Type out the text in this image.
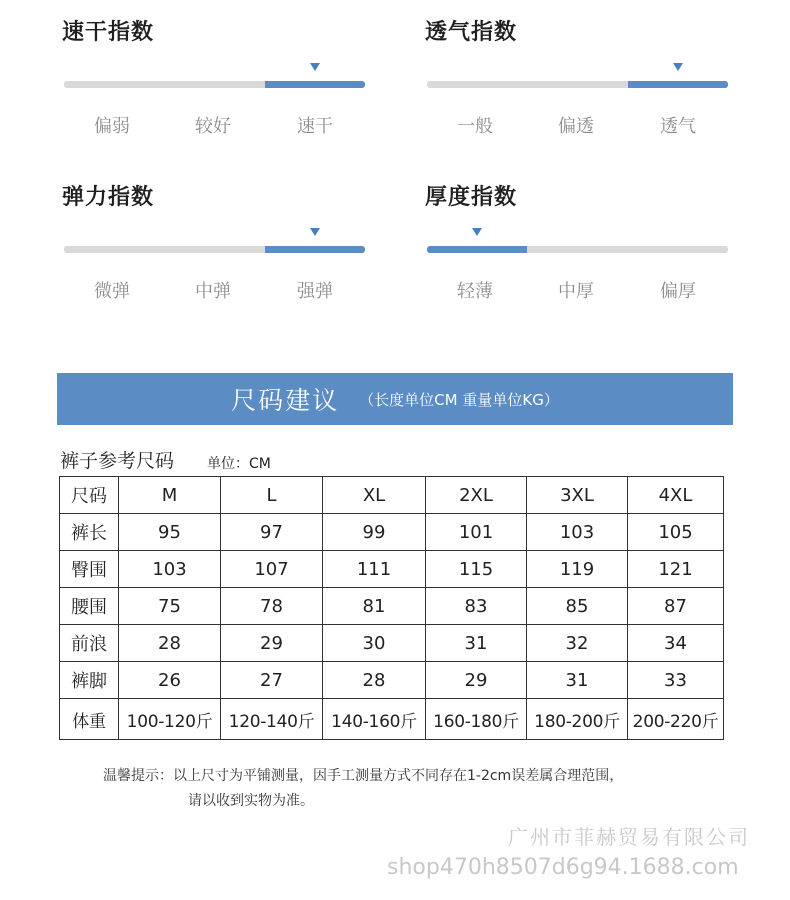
速干指数
偏弱	较好	速干
透气指数
一般	偏透	透气
弹力指数
微弹	中弹	强弹
厚度指数
轻薄	中厚	偏厚
尺码建议 （长度单位CM 重量单位KG）
裤子参考尺码 单位：CM
尺码	M	L	XL	2XL	3XL	4XL
裤长	95	97	99	101	103	105
臀围	103	107	111	115	119	121
腰围	75	78	81	83	85	87
前浪	28	29	30	31	32	34
裤脚	26	27	28	29	31	33
体重	100-120斤	120-140斤	140-160斤	160-180斤	180-200斤	200-220斤
温馨提示：以上尺寸为平铺测量，因手工测量方式不同存在1-2cm误差属合理范围，
请以收到实物为准。
广州市菲赫贸易有限公司
shop470h8507d6g94.1688.com
